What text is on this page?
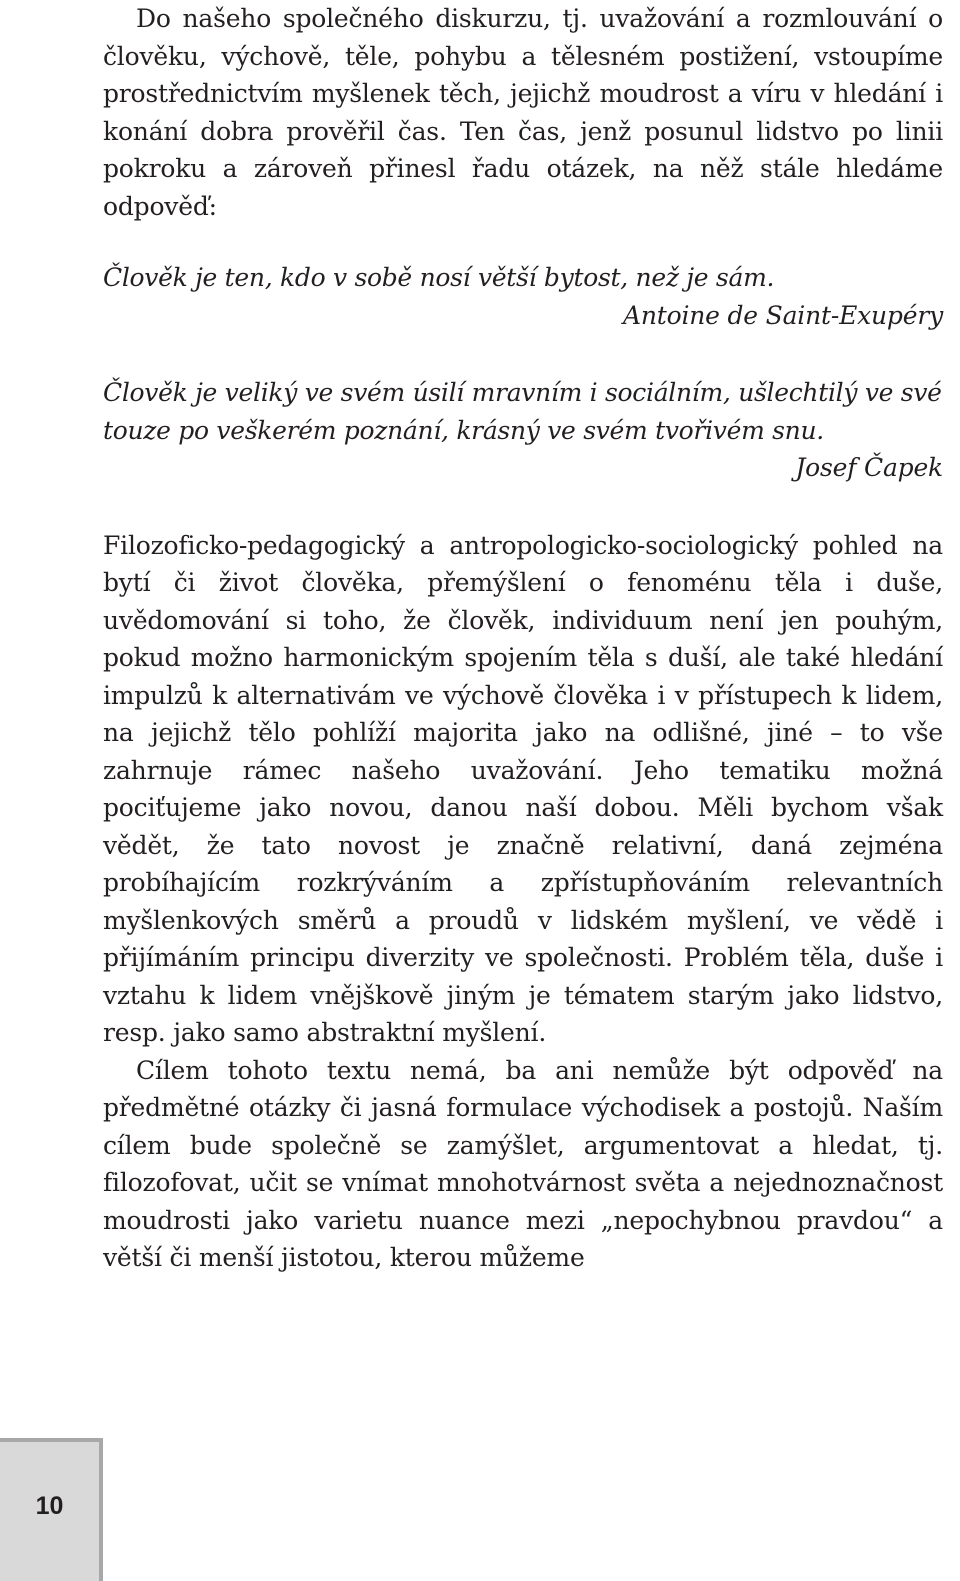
Do našeho společného diskurzu, tj. uvažování a rozmlouvání o člověku, výchově, těle, pohybu a tělesném postižení, vstoupíme prostřednictvím myšlenek těch, jejichž moudrost a víru v hledání i konání dobra prověřil čas. Ten čas, jenž posunul lidstvo po linii pokroku a zároveň přinesl řadu otázek, na něž stále hledáme odpověď:

Člověk je ten, kdo v sobě nosí větší bytost, než je sám.

Antoine de Saint-Exupéry

Člověk je veliký ve svém úsilí mravním i sociálním, ušlechtilý ve své touze po veškerém poznání, krásný ve svém tvořivém snu.

Josef Čapek

Filozoficko-pedagogický a antropologicko-sociologický pohled na bytí či život člověka, přemýšlení o fenoménu těla i duše, uvědomování si toho, že člověk, individuum není jen pouhým, pokud možno harmonickým spojením těla s duší, ale také hledání impulzů k alternativám ve výchově člověka i v přístupech k lidem, na jejichž tělo pohlíží majorita jako na odlišné, jiné – to vše zahrnuje rámec našeho uvažování. Jeho tematiku možná pociťujeme jako novou, danou naší dobou. Měli bychom však vědět, že tato novost je značně relativní, daná zejména probíhajícím rozkrýváním a zpřístupňováním relevantních myšlenkových směrů a proudů v lidském myšlení, ve vědě i přijímáním principu diverzity ve společnosti. Problém těla, duše i vztahu k lidem vnějškově jiným je tématem starým jako lidstvo, resp. jako samo abstraktní myšlení.

Cílem tohoto textu nemá, ba ani nemůže být odpověď na předmětné otázky či jasná formulace východisek a postojů. Naším cílem bude společně se zamýšlet, argumentovat a hledat, tj. filozofovat, učit se vnímat mnohotvárnost světa a nejednoznačnost moudrosti jako varietu nuance mezi „nepochybnou pravdou“ a větší či menší jistotou, kterou můžeme

10
